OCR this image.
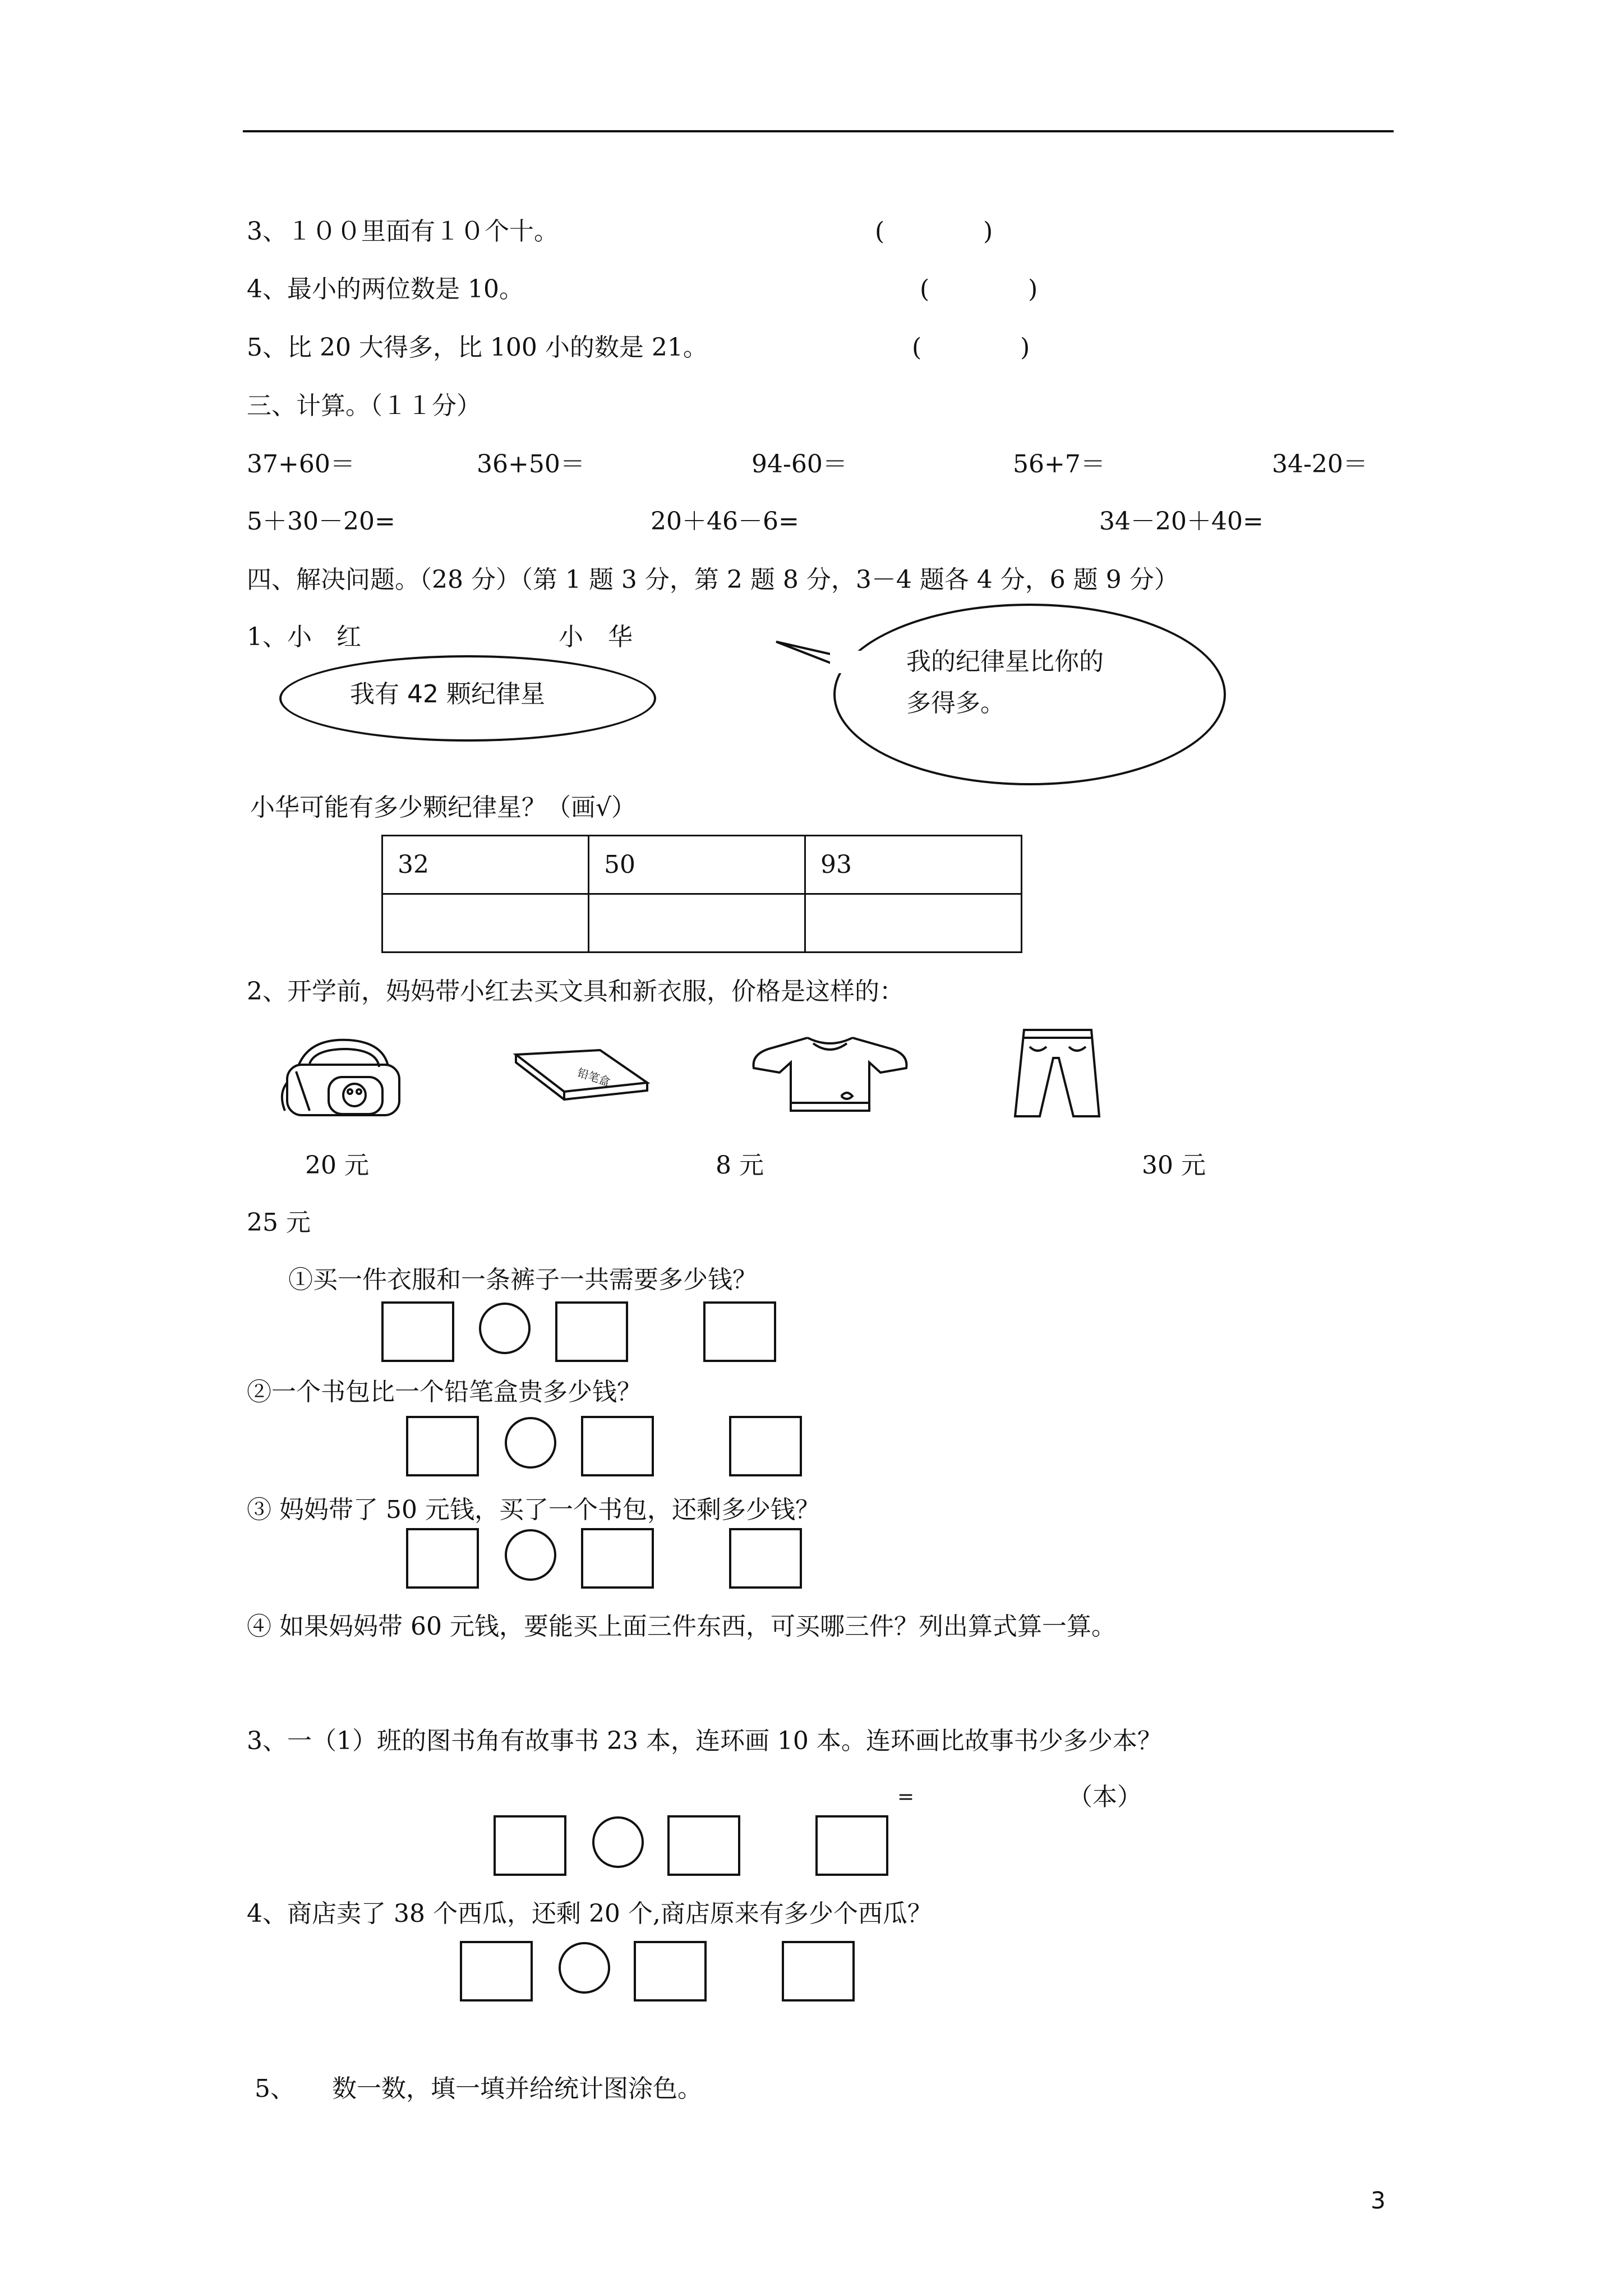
3、１００里面有１０个十。	(　　　　)
4、最小的两位数是 10。	(　　　　)
5、比 20 大得多，比 100 小的数是 21。	(　　　　)
三、计算。（１１分）
37+60＝	36+50＝	94-60＝	56+7＝	34-20＝
5＋30－20=	20＋46－6=	34－20＋40=
四、解决问题。（28 分）（第 1 题 3 分，第 2 题 8 分，3－4 题各 4 分，6 题 9 分）
1、小　红　　　　　　　　小　华
我有 42 颗纪律星
我的纪律星比你的
多得多。
小华可能有多少颗纪律星？（画√）
32	50	93

2、开学前，妈妈带小红去买文具和新衣服，价格是这样的：
铅笔盒
20 元	8 元	30 元
25 元
①买一件衣服和一条裤子一共需要多少钱？
②一个书包比一个铅笔盒贵多少钱？
③ 妈妈带了 50 元钱，买了一个书包，还剩多少钱？
④ 如果妈妈带 60 元钱，要能买上面三件东西，可买哪三件？列出算式算一算。
3、一（1）班的图书角有故事书 23 本，连环画 10 本。连环画比故事书少多少本？
=	（本）
4、商店卖了 38 个西瓜，还剩 20 个,商店原来有多少个西瓜？
5、　　数一数，填一填并给统计图涂色。
3
